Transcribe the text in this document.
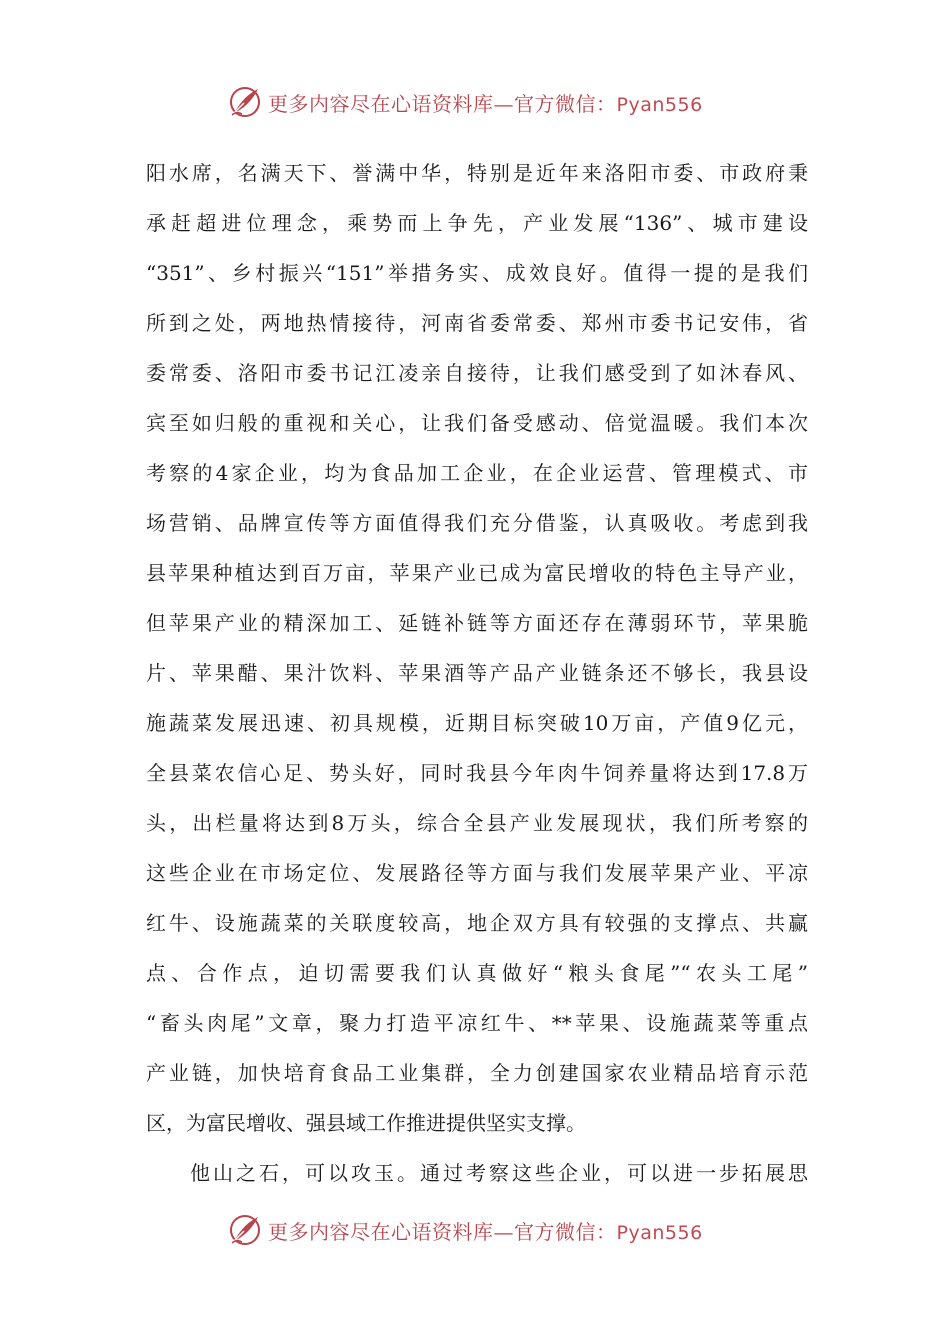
更多内容尽在心语资料库—官方微信：Pyan556
阳水席，名满天下、誉满中华，特别是近年来洛阳市委、市政府秉
承赶超进位理念，乘势而上争先，产业发展“136”、城市建设
“351”、乡村振兴“151”举措务实、成效良好。值得一提的是我们
所到之处，两地热情接待，河南省委常委、郑州市委书记安伟，省
委常委、洛阳市委书记江凌亲自接待，让我们感受到了如沐春风、
宾至如归般的重视和关心，让我们备受感动、倍觉温暖。我们本次
考察的4家企业，均为食品加工企业，在企业运营、管理模式、市
场营销、品牌宣传等方面值得我们充分借鉴，认真吸收。考虑到我
县苹果种植达到百万亩，苹果产业已成为富民增收的特色主导产业，
但苹果产业的精深加工、延链补链等方面还存在薄弱环节，苹果脆
片、苹果醋、果汁饮料、苹果酒等产品产业链条还不够长，我县设
施蔬菜发展迅速、初具规模，近期目标突破10万亩，产值9亿元，
全县菜农信心足、势头好，同时我县今年肉牛饲养量将达到17.8万
头，出栏量将达到8万头，综合全县产业发展现状，我们所考察的
这些企业在市场定位、发展路径等方面与我们发展苹果产业、平凉
红牛、设施蔬菜的关联度较高，地企双方具有较强的支撑点、共赢
点、合作点，迫切需要我们认真做好“粮头食尾”“农头工尾”
“畜头肉尾”文章，聚力打造平凉红牛、**苹果、设施蔬菜等重点
产业链，加快培育食品工业集群，全力创建国家农业精品培育示范
区，为富民增收、强县域工作推进提供坚实支撑。
他山之石，可以攻玉。通过考察这些企业，可以进一步拓展思
更多内容尽在心语资料库—官方微信：Pyan556
